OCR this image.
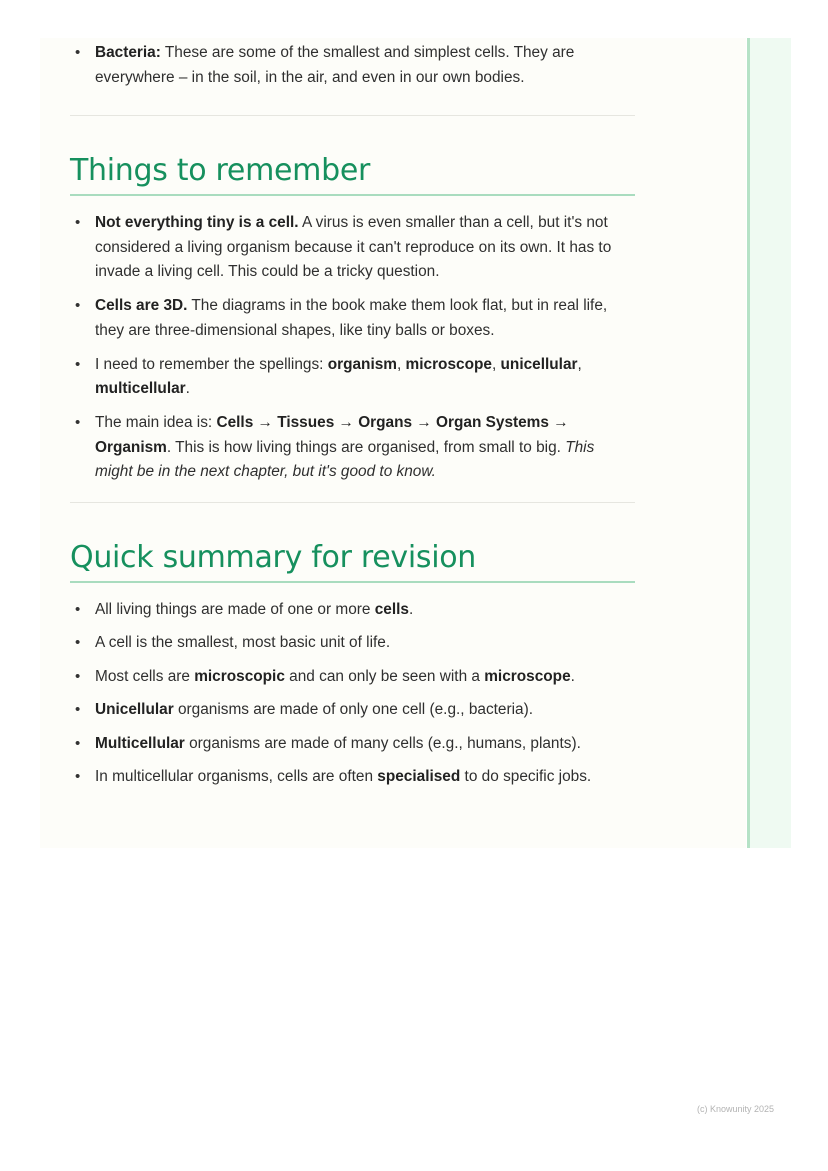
• Bacteria: These are some of the smallest and simplest cells. They are everywhere – in the soil, in the air, and even in our own bodies.
Things to remember
• Not everything tiny is a cell. A virus is even smaller than a cell, but it's not considered a living organism because it can't reproduce on its own. It has to invade a living cell. This could be a tricky question.
• Cells are 3D. The diagrams in the book make them look flat, but in real life, they are three-dimensional shapes, like tiny balls or boxes.
• I need to remember the spellings: organism, microscope, unicellular, multicellular.
• The main idea is: Cells → Tissues → Organs → Organ Systems → Organism. This is how living things are organised, from small to big. This might be in the next chapter, but it's good to know.
Quick summary for revision
• All living things are made of one or more cells.
• A cell is the smallest, most basic unit of life.
• Most cells are microscopic and can only be seen with a microscope.
• Unicellular organisms are made of only one cell (e.g., bacteria).
• Multicellular organisms are made of many cells (e.g., humans, plants).
• In multicellular organisms, cells are often specialised to do specific jobs.
(c) Knowunity 2025
